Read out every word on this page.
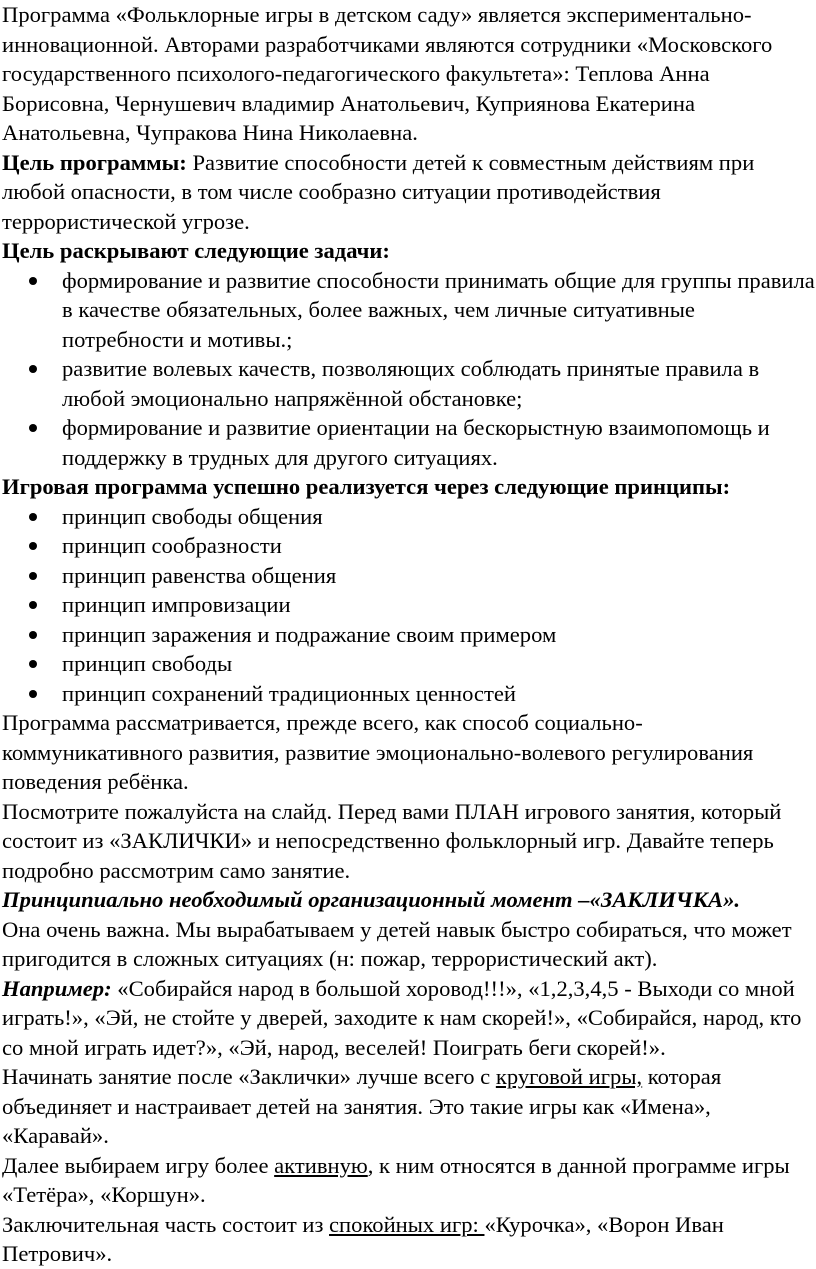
Программа «Фольклорные игры в детском саду» является экспериментально-инновационной. Авторами разработчиками являются сотрудники «Московского государственного психолого-педагогического факультета»: Теплова Анна Борисовна, Чернушевич владимир Анатольевич, Куприянова Екатерина Анатольевна, Чупракова Нина Николаевна.

Цель программы: Развитие способности детей к совместным действиям при любой опасности, в том числе сообразно ситуации противодействия террористической угрозе.

Цель раскрывают следующие задачи:

формирование и развитие способности принимать общие для группы правила в качестве обязательных, более важных, чем личные ситуативные потребности и мотивы.;
развитие волевых качеств, позволяющих соблюдать принятые правила в любой эмоционально напряжённой обстановке;
формирование и развитие ориентации на бескорыстную взаимопомощь и поддержку в трудных для другого ситуациях.

Игровая программа успешно реализуется через следующие принципы:

принцип свободы общения
принцип сообразности
принцип равенства общения
принцип импровизации
принцип заражения и подражание своим примером
принцип свободы
принцип сохранений традиционных ценностей

Программа рассматривается, прежде всего, как способ социально-коммуникативного развития, развитие эмоционально-волевого регулирования поведения ребёнка.

Посмотрите пожалуйста на слайд. Перед вами ПЛАН игрового занятия, который состоит из «ЗАКЛИЧКИ» и непосредственно фольклорный игр. Давайте теперь подробно рассмотрим само занятие.

Принципиально необходимый организационный момент –«ЗАКЛИЧКА».

Она очень важна. Мы вырабатываем у детей навык быстро собираться, что может пригодится в сложных ситуациях (н: пожар, террористический акт).

Например: «Собирайся народ в большой хоровод!!!», «1,2,3,4,5 - Выходи со мной играть!», «Эй, не стойте у дверей, заходите к нам скорей!», «Собирайся, народ, кто со мной играть идет?», «Эй, народ, веселей! Поиграть беги скорей!».

Начинать занятие после «Заклички» лучше всего с круговой игры, которая объединяет и настраивает детей на занятия. Это такие игры как «Имена», «Каравай».

Далее выбираем игру более активную, к ним относятся в данной программе игры «Тетёра», «Коршун».

Заключительная часть состоит из спокойных игр: «Курочка», «Ворон Иван Петрович».
